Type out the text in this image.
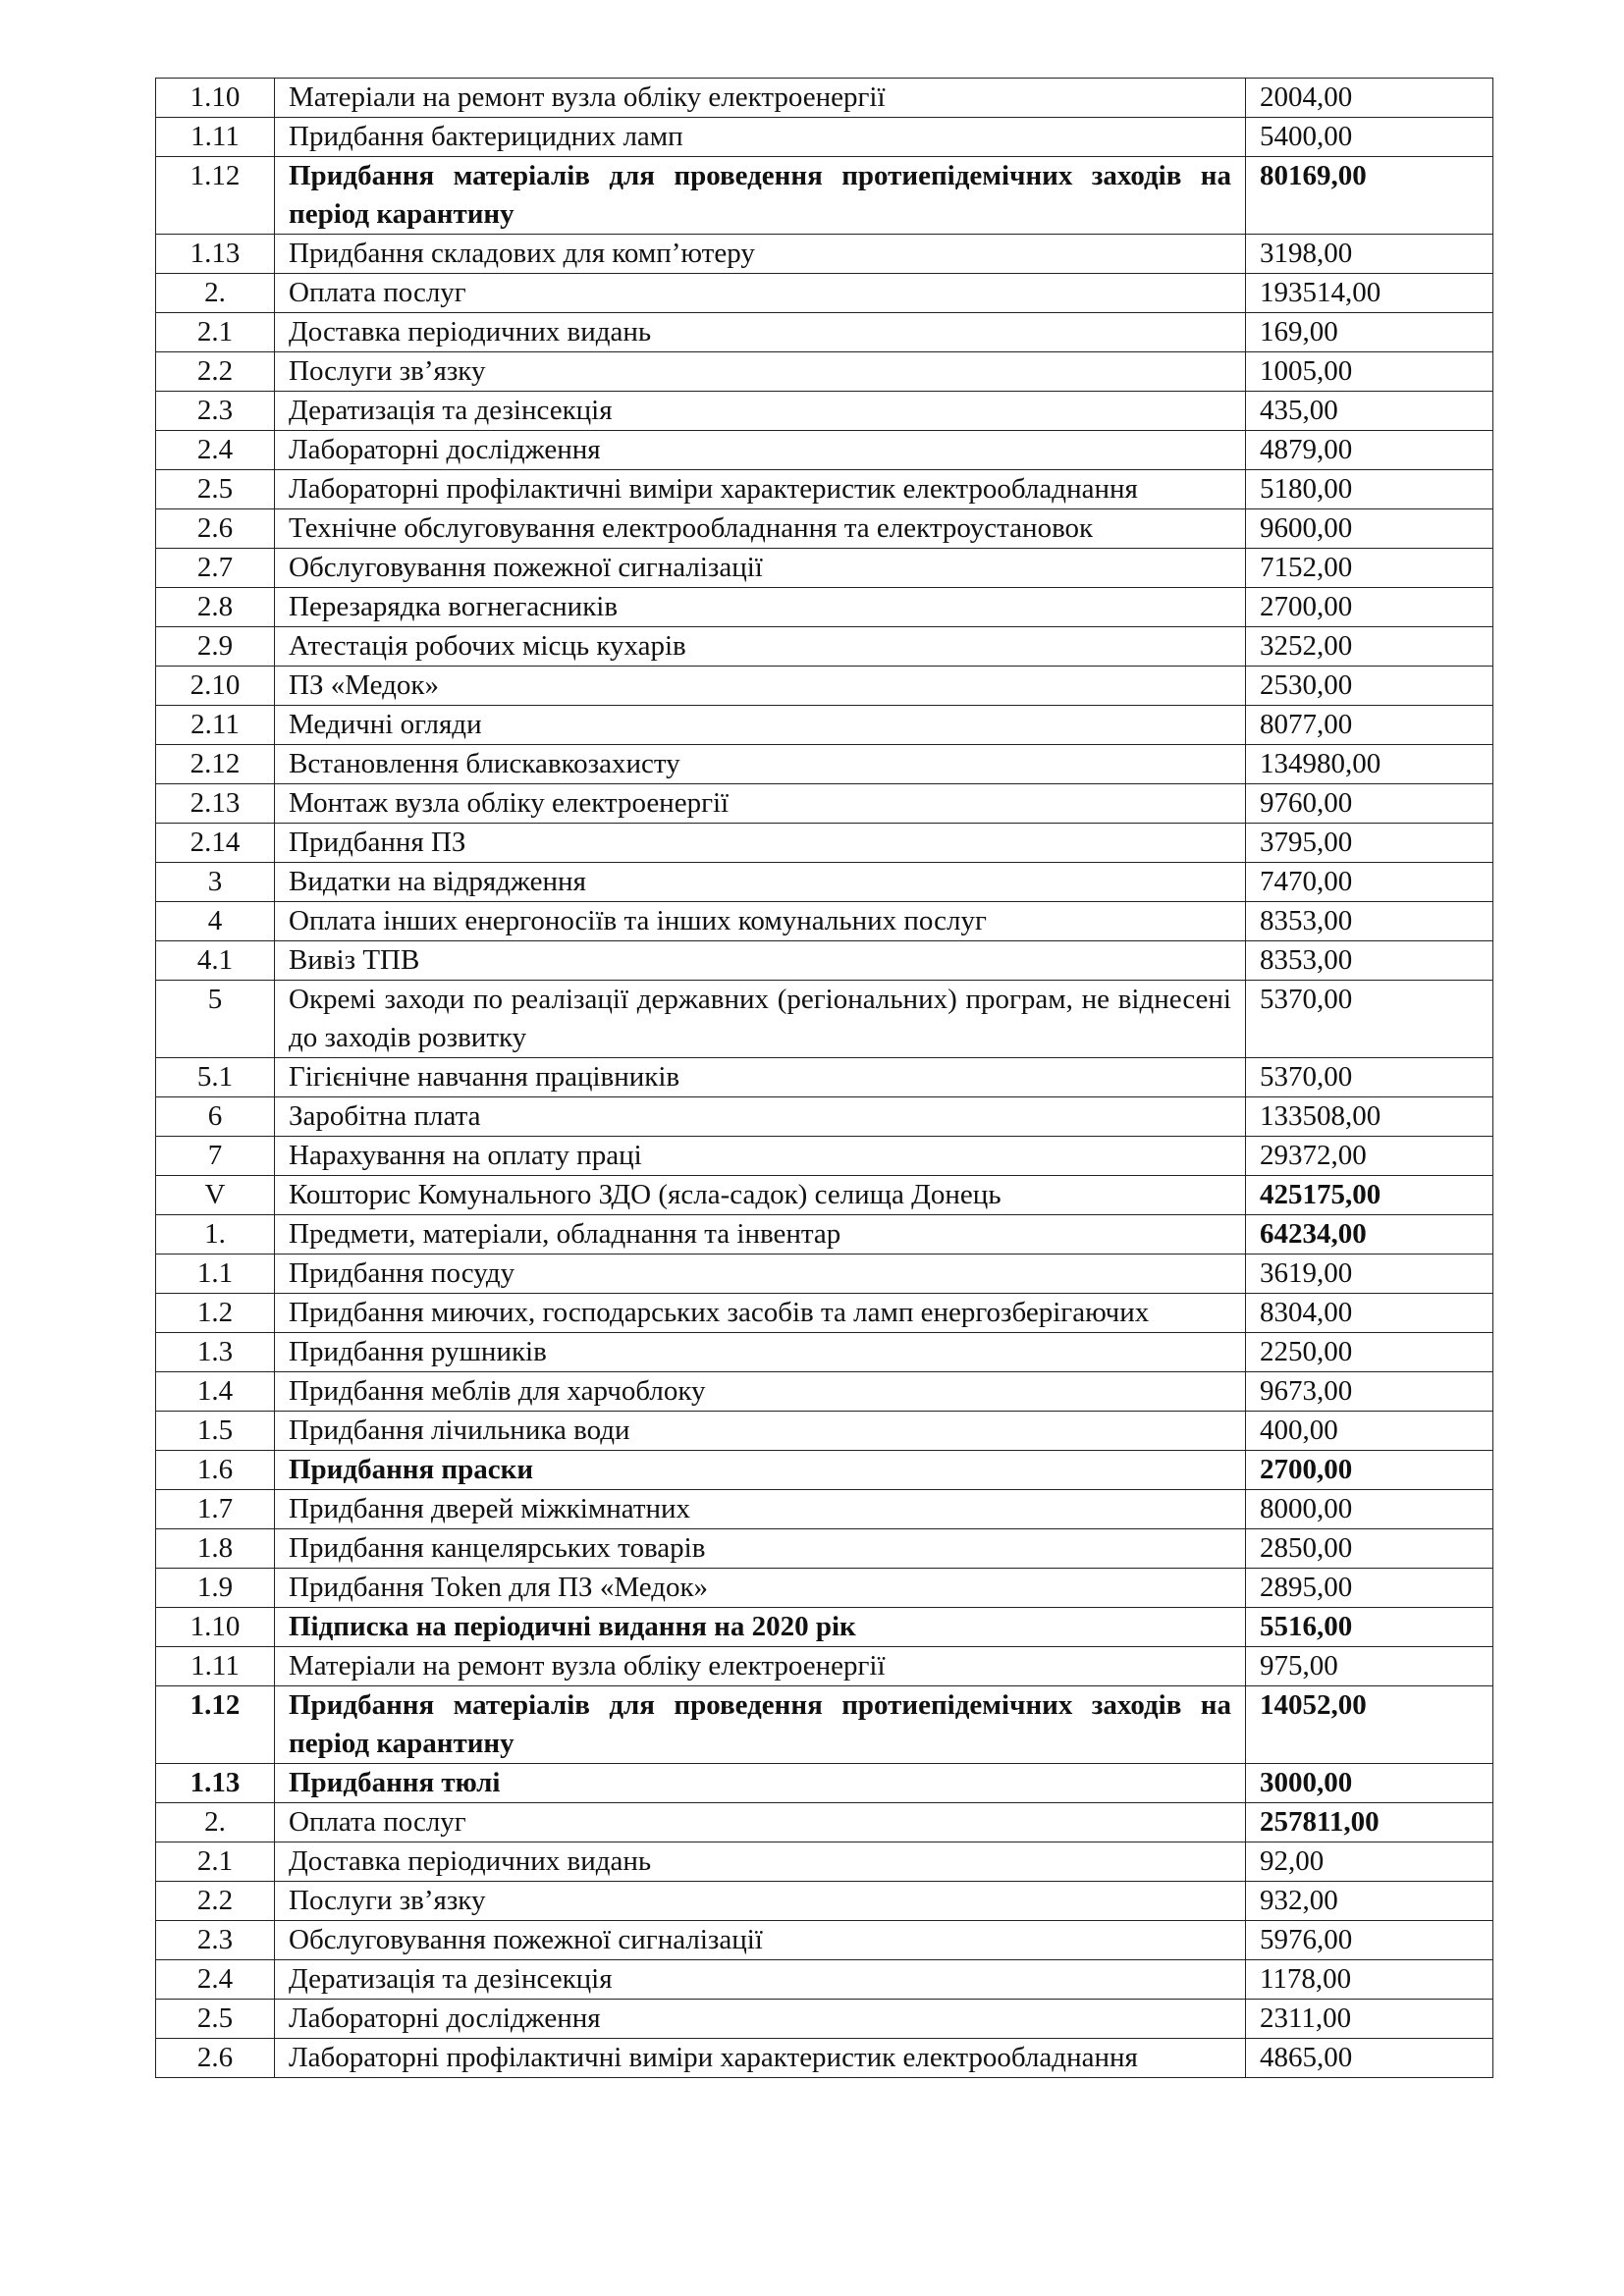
1.10	Матеріали на ремонт вузла обліку електроенергії	2004,00
1.11	Придбання бактерицидних ламп	5400,00
1.12	Придбання матеріалів для проведення протиепідемічних заходів на період карантину	80169,00
1.13	Придбання складових для комп’ютеру	3198,00
2.	Оплата послуг	193514,00
2.1	Доставка періодичних видань	169,00
2.2	Послуги зв’язку	1005,00
2.3	Дератизація та дезінсекція	435,00
2.4	Лабораторні дослідження	4879,00
2.5	Лабораторні профілактичні виміри характеристик електрообладнання	5180,00
2.6	Технічне обслуговування електрообладнання та електроустановок	9600,00
2.7	Обслуговування пожежної сигналізації	7152,00
2.8	Перезарядка вогнегасників	2700,00
2.9	Атестація робочих місць кухарів	3252,00
2.10	ПЗ «Медок»	2530,00
2.11	Медичні огляди	8077,00
2.12	Встановлення блискавкозахисту	134980,00
2.13	Монтаж вузла обліку електроенергії	9760,00
2.14	Придбання ПЗ	3795,00
3	Видатки на відрядження	7470,00
4	Оплата інших енергоносіїв та інших комунальних послуг	8353,00
4.1	Вивіз ТПВ	8353,00
5	Окремі заходи по реалізації державних (регіональних) програм, не віднесені до заходів розвитку	5370,00
5.1	Гігієнічне навчання працівників	5370,00
6	Заробітна плата	133508,00
7	Нарахування на оплату праці	29372,00
V	Кошторис Комунального ЗДО (ясла-садок) селища Донець	425175,00
1.	Предмети, матеріали, обладнання та інвентар	64234,00
1.1	Придбання посуду	3619,00
1.2	Придбання миючих, господарських засобів та ламп енергозберігаючих	8304,00
1.3	Придбання рушників	2250,00
1.4	Придбання меблів для харчоблоку	9673,00
1.5	Придбання лічильника води	400,00
1.6	Придбання праски	2700,00
1.7	Придбання дверей міжкімнатних	8000,00
1.8	Придбання канцелярських товарів	2850,00
1.9	Придбання Token для ПЗ «Медок»	2895,00
1.10	Підписка на періодичні видання на 2020 рік	5516,00
1.11	Матеріали на ремонт вузла обліку електроенергії	975,00
1.12	Придбання матеріалів для проведення протиепідемічних заходів на період карантину	14052,00
1.13	Придбання тюлі	3000,00
2.	Оплата послуг	257811,00
2.1	Доставка періодичних видань	92,00
2.2	Послуги зв’язку	932,00
2.3	Обслуговування пожежної сигналізації	5976,00
2.4	Дератизація та дезінсекція	1178,00
2.5	Лабораторні дослідження	2311,00
2.6	Лабораторні профілактичні виміри характеристик електрообладнання	4865,00
